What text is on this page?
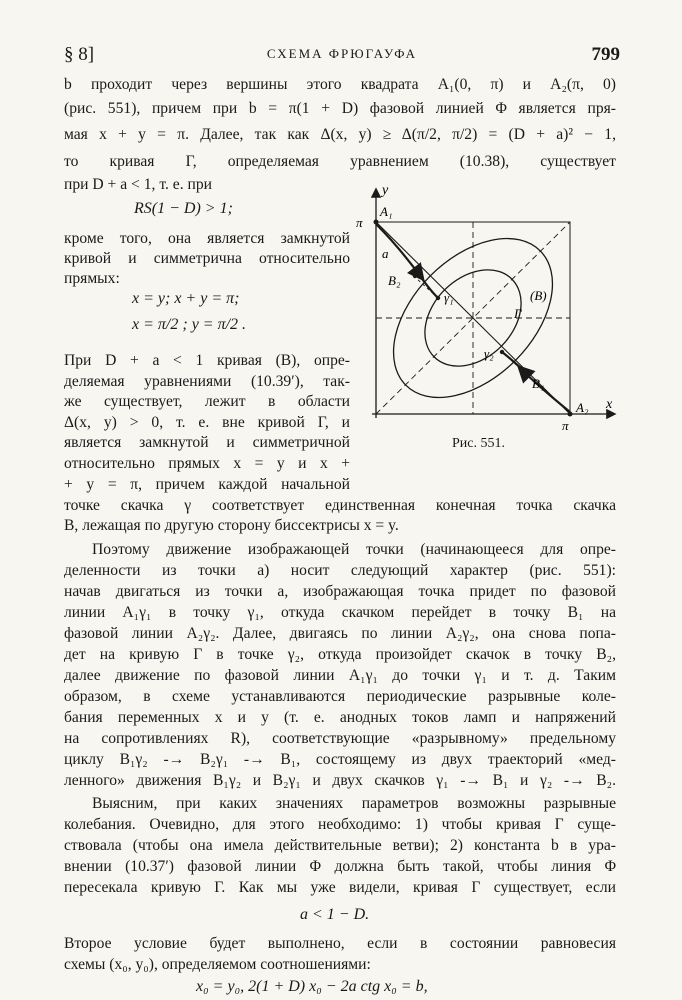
§ 8]	СХЕМА ФРЮГАУФА	799
b проходит через вершины этого квадрата A₁(0, π) и A₂(π, 0)
(рис. 551), причем при b = π(1 + D) фазовой линией Φ является пря-
мая x + y = π. Далее, так как Δ(x, y) ≥ Δ(π/2, π/2) = (D + a)² − 1,
то кривая Γ, определяемая уравнением (10.38), существует
при D + a < 1, т. е. при
RS(1 − D) > 1;
кроме того, она является замкнутой
кривой и симметрична относительно
прямых:
x = y; x + y = π;
x = π/2 ; y = π/2 .
При D + a < 1 кривая (B), опре-
деляемая уравнениями (10.39′), так-
же существует, лежит в области
Δ(x, y) > 0, т. е. вне кривой Γ, и
является замкнутой и симметричной
относительно прямых x = y и x +
+ y = π, причем каждой начальной
точке скачка γ соответствует единственная конечная точка скачка
B, лежащая по другую сторону биссектрисы x = y.
Поэтому движение изображающей точки (начинающееся для опре-
деленности из точки a) носит следующий характер (рис. 551):
начав двигаться из точки a, изображающая точка придет по фазовой
линии A₁γ₁ в точку γ₁, откуда скачком перейдет в точку B₁ на
фазовой линии A₂γ₂. Далее, двигаясь по линии A₂γ₂, она снова попа-
дет на кривую Γ в точке γ₂, откуда произойдет скачок в точку B₂,
далее движение по фазовой линии A₁γ₁ до точки γ₁ и т. д. Таким
образом, в схеме устанавливаются периодические разрывные коле-
бания переменных x и y (т. е. анодных токов ламп и напряжений
на сопротивлениях R), соответствующие «разрывному» предельному
циклу B₁γ₂ -→ B₂γ₁ -→ B₁, состоящему из двух траекторий «мед-
ленного» движения B₁γ₂ и B₂γ₁ и двух скачков γ₁ -→ B₁ и γ₂ -→ B₂.
Выясним, при каких значениях параметров возможны разрывные
колебания. Очевидно, для этого необходимо: 1) чтобы кривая Γ суще-
ствовала (чтобы она имела действительные ветви); 2) константа b в ура-
внении (10.37′) фазовой линии Φ должна быть такой, чтобы линия Φ
пересекала кривую Γ. Как мы уже видели, кривая Γ существует, если
a < 1 − D.
Второе условие будет выполнено, если в состоянии равновесия
схемы (x₀, y₀), определяемом соотношениями:
x₀ = y₀, 2(1 + D) x₀ − 2a ctg x₀ = b,
y
x
π
π
A₁
A₂
a
B₂
γ₁
γ₂
B₁
Γ
(B)
Рис. 551.
